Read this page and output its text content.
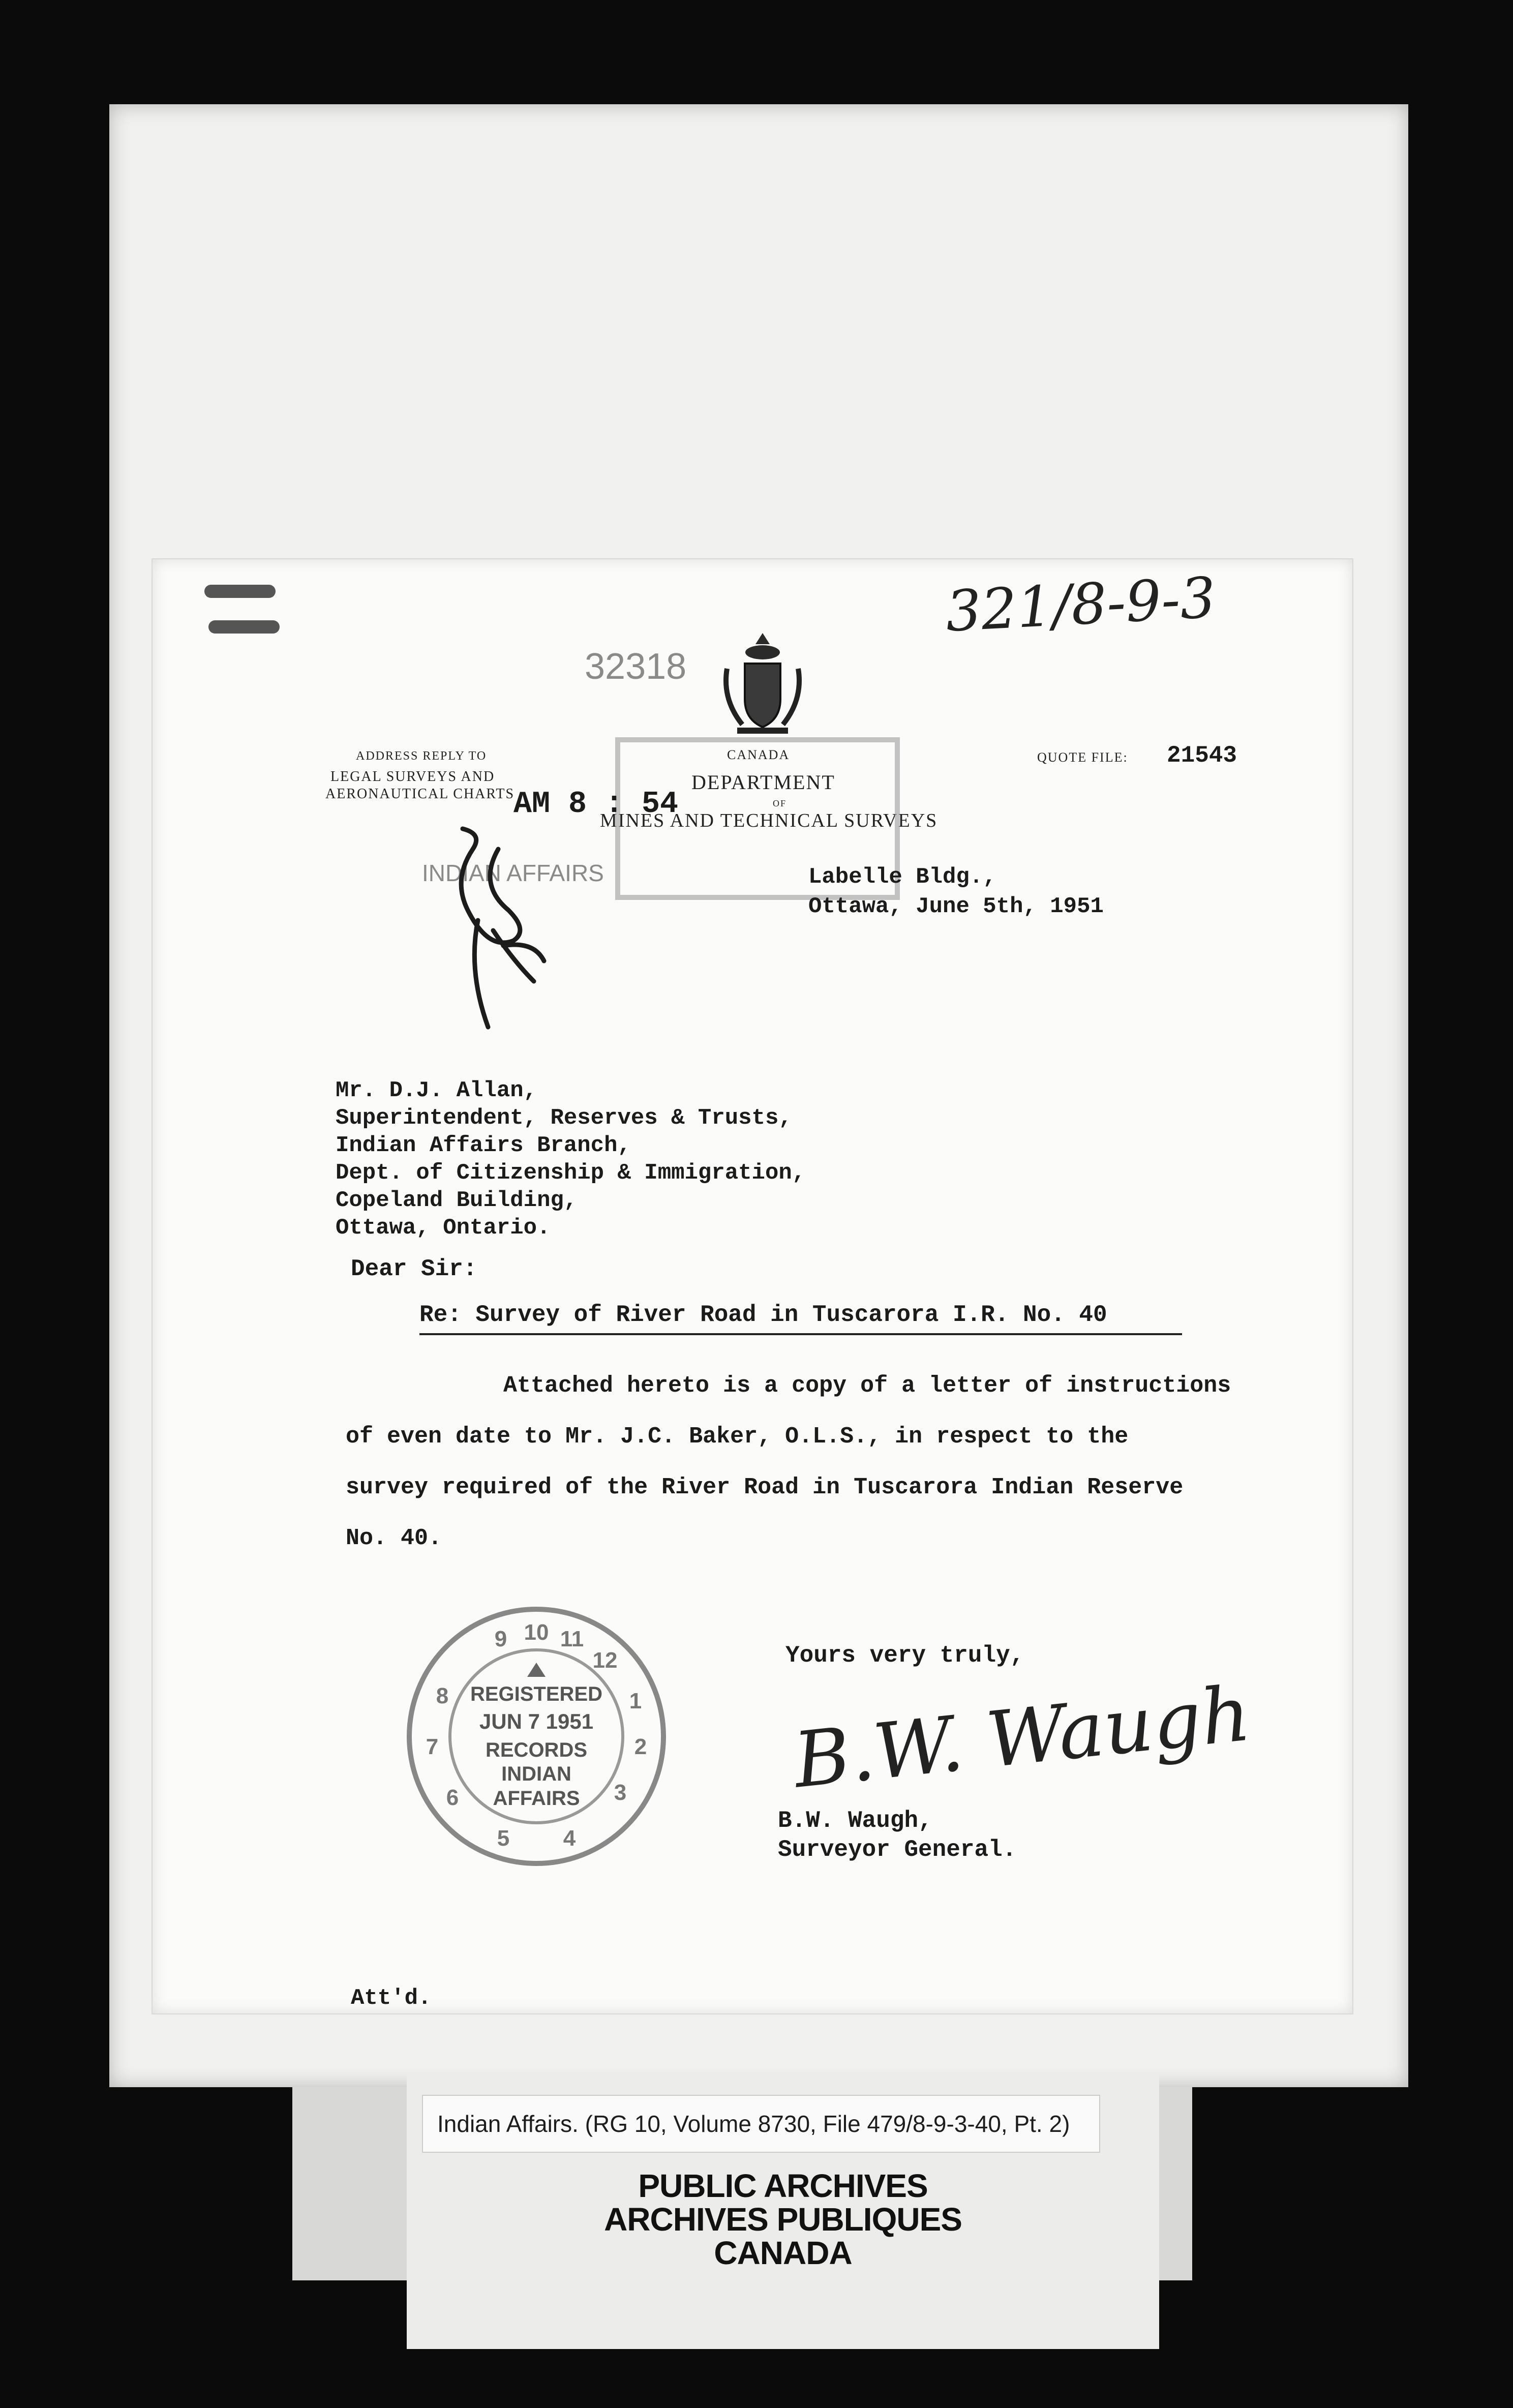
321/8-9-3
32318
CANADA
ADDRESS REPLY TO
LEGAL SURVEYS AND
AERONAUTICAL CHARTS
DEPARTMENT
OF
MINES AND TECHNICAL SURVEYS
QUOTE FILE: 21543
AM 8 : 54
INDIAN AFFAIRS	Labelle Bldg.,
Ottawa, June 5th, 1951
Mr. D.J. Allan,
Superintendent, Reserves & Trusts,
Indian Affairs Branch,
Dept. of Citizenship & Immigration,
Copeland Building,
Ottawa, Ontario.
Dear Sir:
Re: Survey of River Road in Tuscarora I.R. No. 40
Attached hereto is a copy of a letter of instructions
of even date to Mr. J.C. Baker, O.L.S., in respect to the
survey required of the River Road in Tuscarora Indian Reserve
No. 40.
Yours very truly,
B.W. Waugh
B.W. Waugh,
Surveyor General.
Att'd.
10
9 11
12
1
2
3
4
5
6
7
8 REGISTERED
JUN 7 1951
RECORDS
INDIAN
AFFAIRS
Indian Affairs. (RG 10, Volume 8730, File 479/8-9-3-40, Pt. 2)
PUBLIC ARCHIVES
ARCHIVES PUBLIQUES
CANADA
